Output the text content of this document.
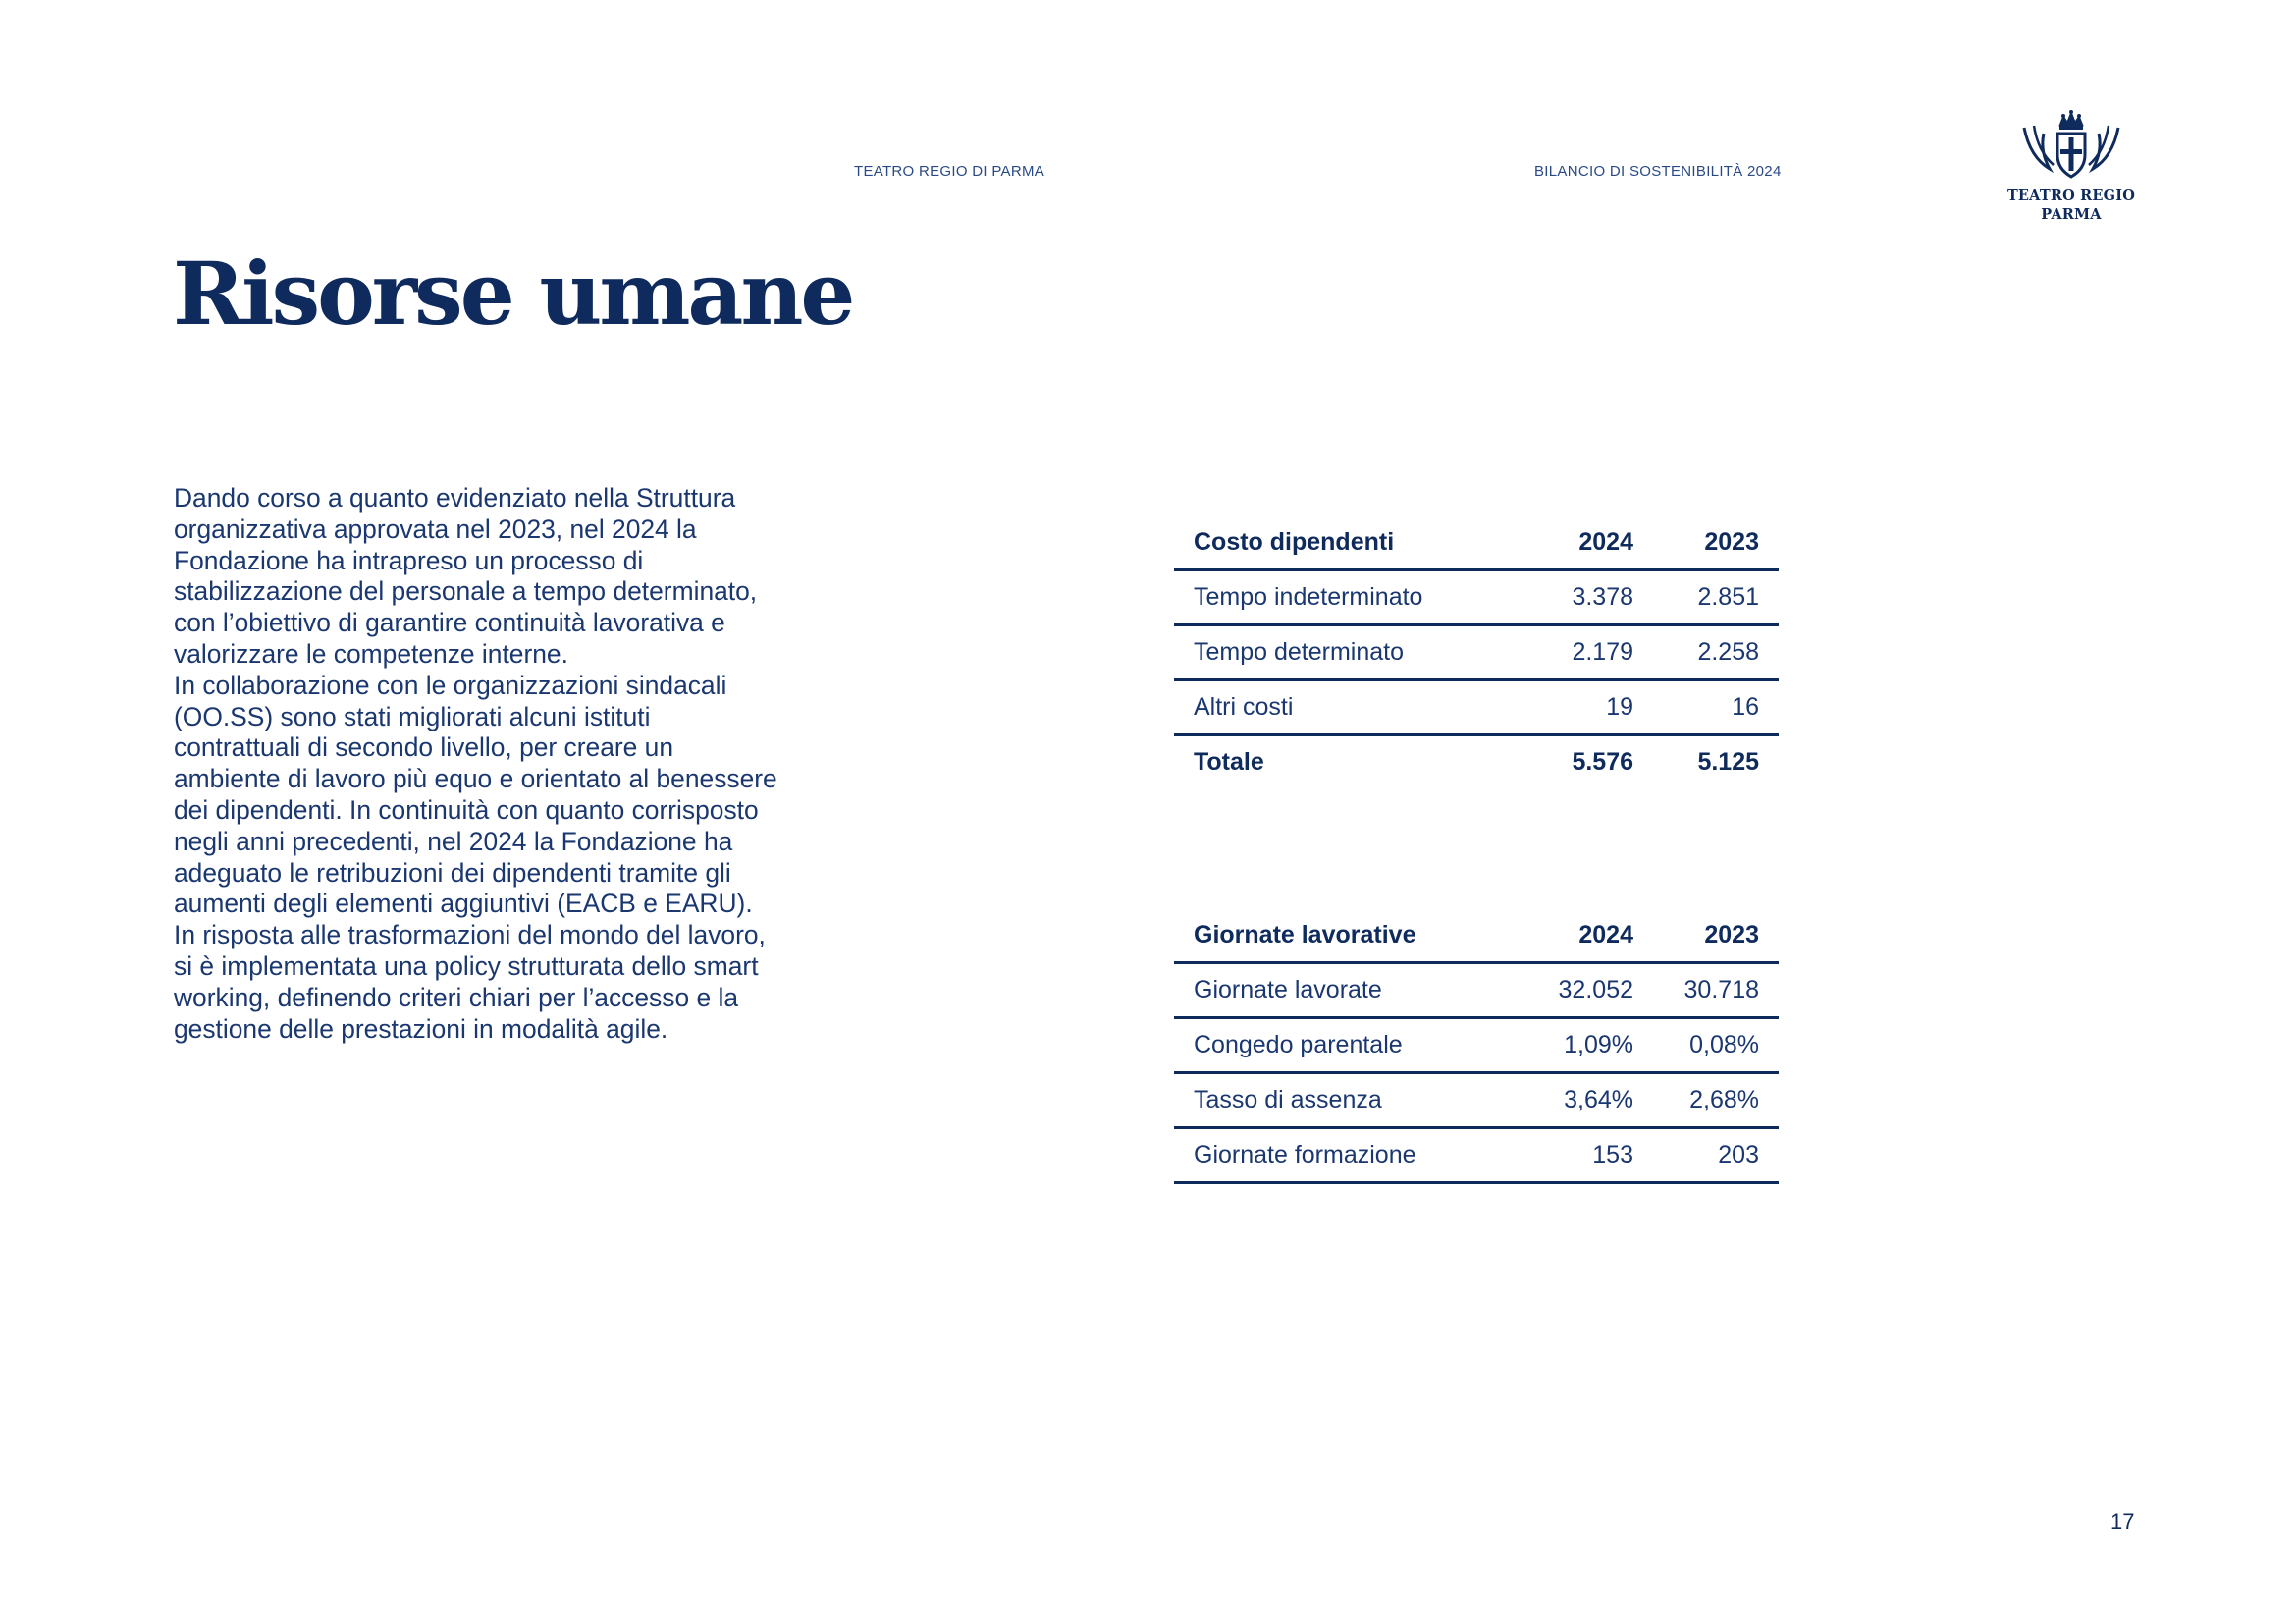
TEATRO REGIO DI PARMA	BILANCIO DI SOSTENIBILITÀ 2024
TEATRO REGIO
PARMA
Risorse umane

Dando corso a quanto evidenziato nella Struttura

organizzativa approvata nel 2023, nel 2024 la

Fondazione ha intrapreso un processo di

stabilizzazione del personale a tempo determinato,

con l’obiettivo di garantire continuità lavorativa e

valorizzare le competenze interne.

In collaborazione con le organizzazioni sindacali

(OO.SS) sono stati migliorati alcuni istituti

contrattuali di secondo livello, per creare un

ambiente di lavoro più equo e orientato al benessere

dei dipendenti. In continuità con quanto corrisposto

negli anni precedenti, nel 2024 la Fondazione ha

adeguato le retribuzioni dei dipendenti tramite gli

aumenti degli elementi aggiuntivi (EACB e EARU).

In risposta alle trasformazioni del mondo del lavoro,

si è implementata una policy strutturata dello smart

working, definendo criteri chiari per l’accesso e la

gestione delle prestazioni in modalità agile.

Costo dipendenti	2024	2023
Tempo indeterminato	3.378	2.851
Tempo determinato	2.179	2.258
Altri costi	19	16
Totale	5.576	5.125
Giornate lavorative	2024	2023
Giornate lavorate	32.052	30.718
Congedo parentale	1,09%	0,08%
Tasso di assenza	3,64%	2,68%
Giornate formazione	153	203
17
